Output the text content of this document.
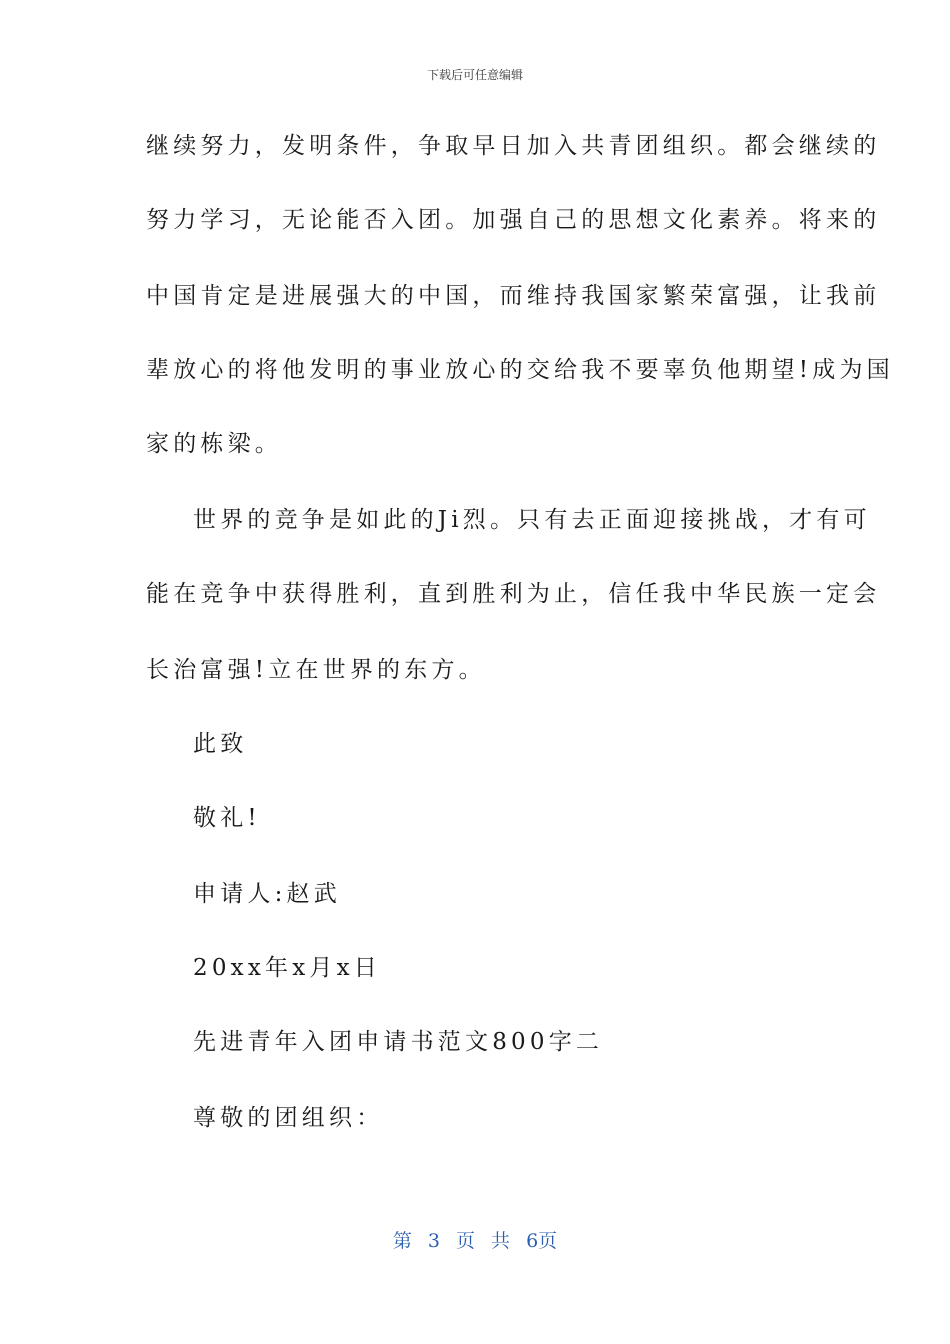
下载后可任意编辑
继续努力，发明条件，争取早日加入共青团组织。都会继续的
努力学习，无论能否入团。加强自己的思想文化素养。将来的
中国肯定是进展强大的中国，而维持我国家繁荣富强，让我前
辈放心的将他发明的事业放心的交给我不要辜负他期望!成为国
家的栋梁。
世界的竞争是如此的Ji烈。只有去正面迎接挑战，才有可
能在竞争中获得胜利，直到胜利为止，信任我中华民族一定会
长治富强!立在世界的东方。
此致
敬礼!
申请人:赵武
20xx年x月x日
先进青年入团申请书范文800字二
尊敬的团组织：
第 3 页 共 6页
